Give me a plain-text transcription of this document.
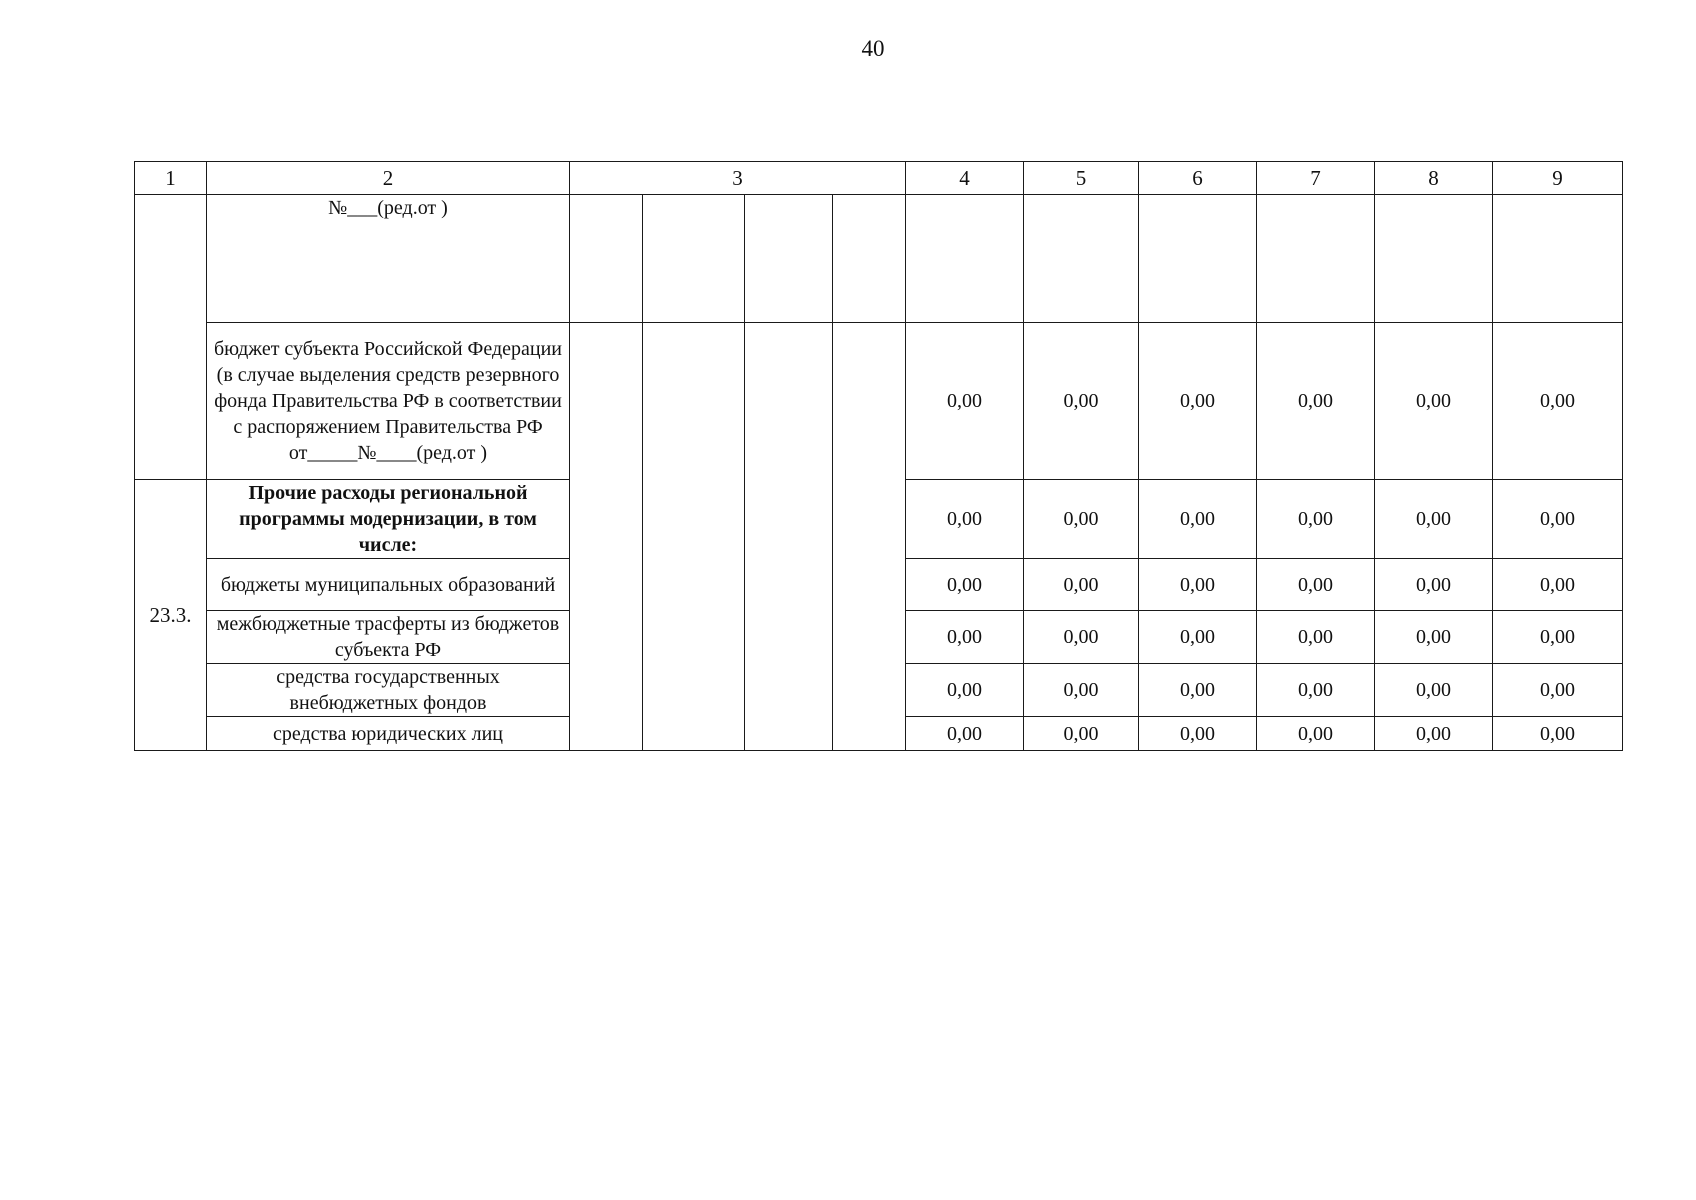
40
1	2	3				4	5	6	7	8	9
	№___(ред.от )										
	бюджет субъекта Российской Федерации (в случае выделения средств резервного фонда Правительства РФ в соответствии с распоряжением Правительства РФ от_____№____(ред.от )					0,00	0,00	0,00	0,00	0,00	0,00
23.3.	Прочие расходы региональной программы модернизации, в том числе:					0,00	0,00	0,00	0,00	0,00	0,00
	бюджеты муниципальных образований					0,00	0,00	0,00	0,00	0,00	0,00
	межбюджетные трасферты из бюджетов субъекта РФ					0,00	0,00	0,00	0,00	0,00	0,00
	средства государственных внебюджетных фондов					0,00	0,00	0,00	0,00	0,00	0,00
	средства юридических лиц					0,00	0,00	0,00	0,00	0,00	0,00
